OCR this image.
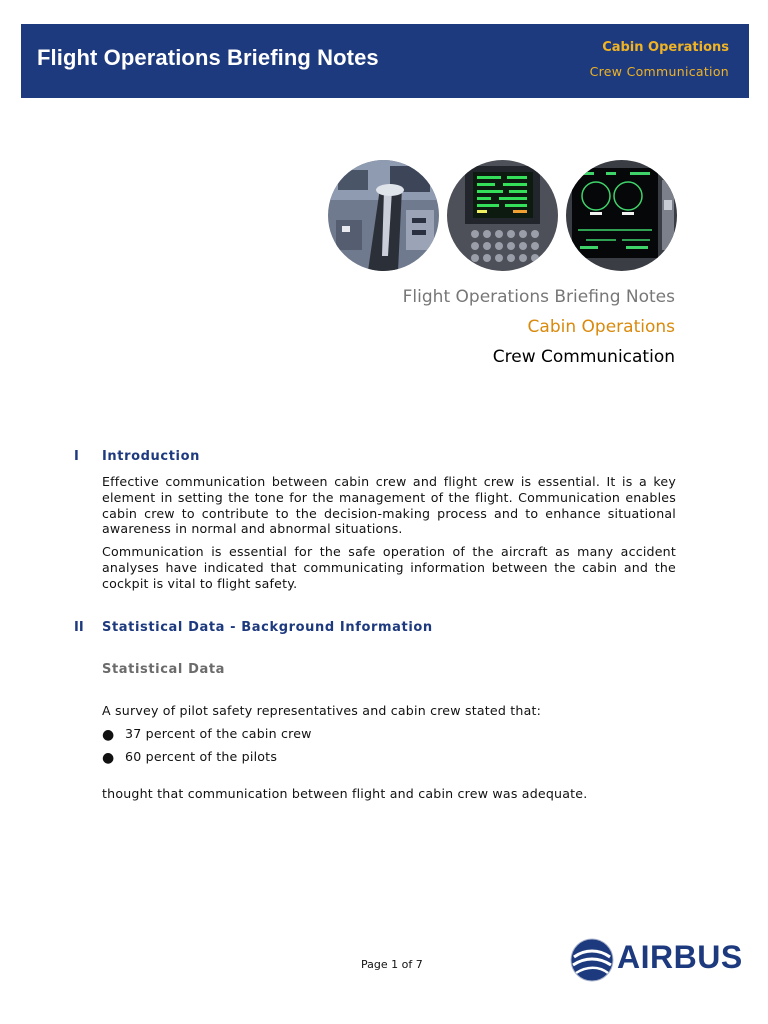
Flight Operations Briefing Notes	Cabin Operations
Crew Communication
Flight Operations Briefing Notes
Cabin Operations
Crew Communication
I Introduction
Effective communication between cabin crew and flight crew is essential. It is a key element in setting the tone for the management of the flight. Communication enables cabin crew to contribute to the decision-making process and to enhance situational awareness in normal and abnormal situations.
Communication is essential for the safe operation of the aircraft as many accident analyses have indicated that communicating information between the cabin and the cockpit is vital to flight safety.
II Statistical Data - Background Information
Statistical Data
A survey of pilot safety representatives and cabin crew stated that:
● 37 percent of the cabin crew
● 60 percent of the pilots
thought that communication between flight and cabin crew was adequate.
Page 1 of 7	AIRBUS
